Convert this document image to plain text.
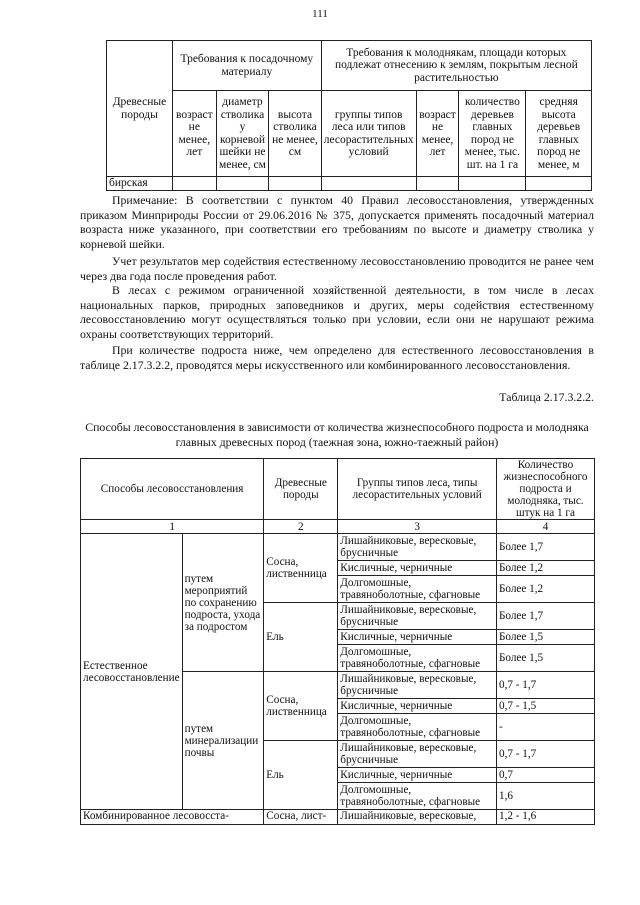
111
Древесные породы	Требования к посадочному материалу			Требования к молоднякам, площади которых подлежат отнесению к землям, покрытым лесной растительностью			
	возраст не менее, лет	диаметр стволика у корневой шейки не менее, см	высота стволика не менее, см	группы типов леса или типов лесорастительных условий	возраст не менее, лет	количество деревьев главных пород не менее, тыс. шт. на 1 га	средняя высота деревьев главных пород не менее, м
бирская							

Примечание: В соответствии с пунктом 40 Правил лесовосстановления, утвержденных приказом Минприроды России от 29.06.2016 № 375, допускается применять посадочный материал возраста ниже указанного, при соответствии его требованиям по высоте и диаметру стволика у корневой шейки.

Учет результатов мер содействия естественному лесовосстановлению проводится не ранее чем через два года после проведения работ.

В лесах с режимом ограниченной хозяйственной деятельности, в том числе в лесах национальных парков, природных заповедников и других, меры содействия естественному лесовосстановлению могут осуществляться только при условии, если они не нарушают режима охраны соответствующих территорий.

При количестве подроста ниже, чем определено для естественного лесовосстановления в таблице 2.17.3.2.2, проводятся меры искусственного или комбинированного лесовосстановления.

Таблица 2.17.3.2.2.

Способы лесовосстановления в зависимости от количества жизнеспособного подроста и молодняка главных древесных пород (таежная зона, южно-таежный район)

Способы лесовосстановления		Древесные породы	Группы типов леса, типы лесорастительных условий	Количество жизнеспособного подроста и молодняка, тыс. штук на 1 га
1		2	3	4
Естественное лесовосстановление	путем мероприятий по сохранению подроста, ухода за подростом	Сосна, лиственница	Лишайниковые, вересковые, брусничные	Более 1,7
			Кисличные, черничные	Более 1,2
			Долгомошные, травяноболотные, сфагновые	Более 1,2
		Ель	Лишайниковые, вересковые, брусничные	Более 1,7
			Кисличные, черничные	Более 1,5
			Долгомошные, травяноболотные, сфагновые	Более 1,5
	путем минерализации почвы	Сосна, лиственница	Лишайниковые, вересковые, брусничные	0,7 - 1,7
			Кисличные, черничные	0,7 - 1,5
			Долгомошные, травяноболотные, сфагновые	-
		Ель	Лишайниковые, вересковые, брусничные	0,7 - 1,7
			Кисличные, черничные	0,7
			Долгомошные, травяноболотные, сфагновые	1,6
Комбинированное лесовосста-		Сосна, лист-	Лишайниковые, вересковые,	1,2 - 1,6
